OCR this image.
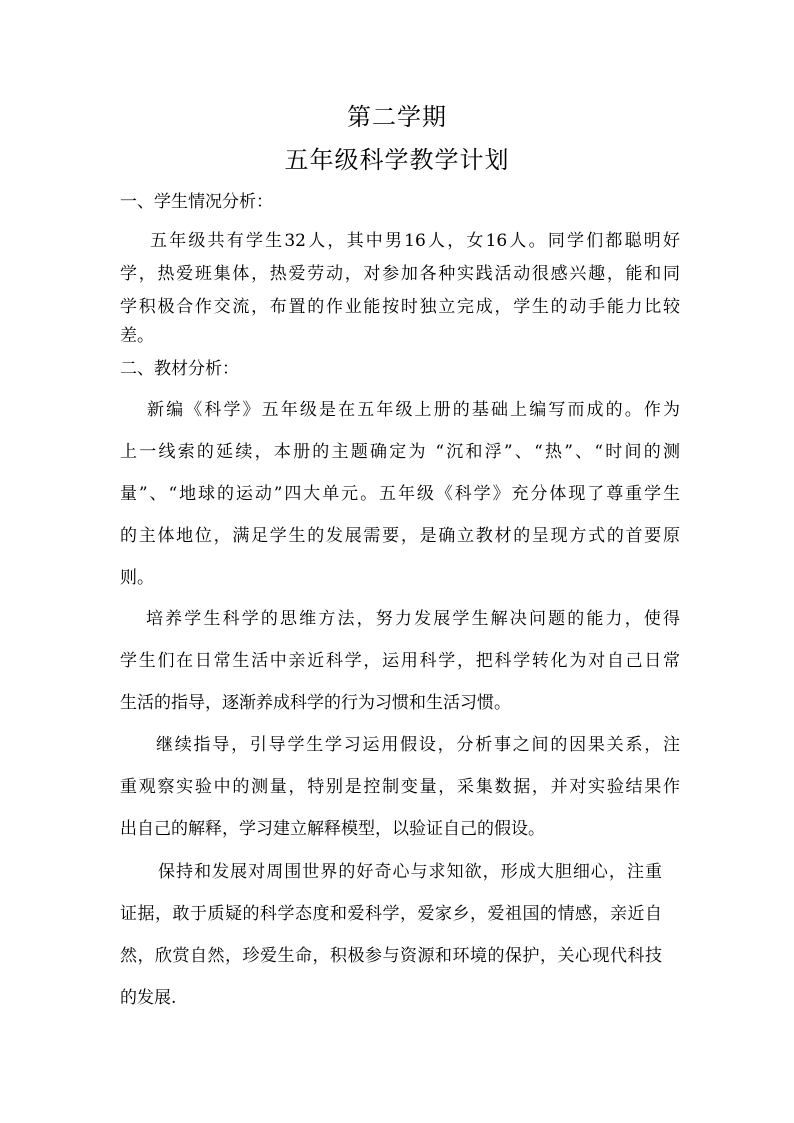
第二学期
五年级科学教学计划
一、学生情况分析：
五年级共有学生32人，其中男16人，女16人。同学们都聪明好
学，热爱班集体，热爱劳动，对参加各种实践活动很感兴趣，能和同
学积极合作交流，布置的作业能按时独立完成，学生的动手能力比较
差。
二、教材分析：
新编《科学》五年级是在五年级上册的基础上编写而成的。作为
上一线索的延续，本册的主题确定为 “沉和浮”、“热”、“时间的测
量”、“地球的运动”四大单元。五年级《科学》充分体现了尊重学生
的主体地位，满足学生的发展需要，是确立教材的呈现方式的首要原
则。
培养学生科学的思维方法，努力发展学生解决问题的能力，使得
学生们在日常生活中亲近科学，运用科学，把科学转化为对自己日常
生活的指导，逐渐养成科学的行为习惯和生活习惯。
继续指导，引导学生学习运用假设，分析事之间的因果关系，注
重观察实验中的测量，特别是控制变量，采集数据，并对实验结果作
出自己的解释，学习建立解释模型，以验证自己的假设。
保持和发展对周围世界的好奇心与求知欲，形成大胆细心，注重
证据，敢于质疑的科学态度和爱科学，爱家乡，爱祖国的情感，亲近自
然，欣赏自然，珍爱生命，积极参与资源和环境的保护，关心现代科技
的发展.
